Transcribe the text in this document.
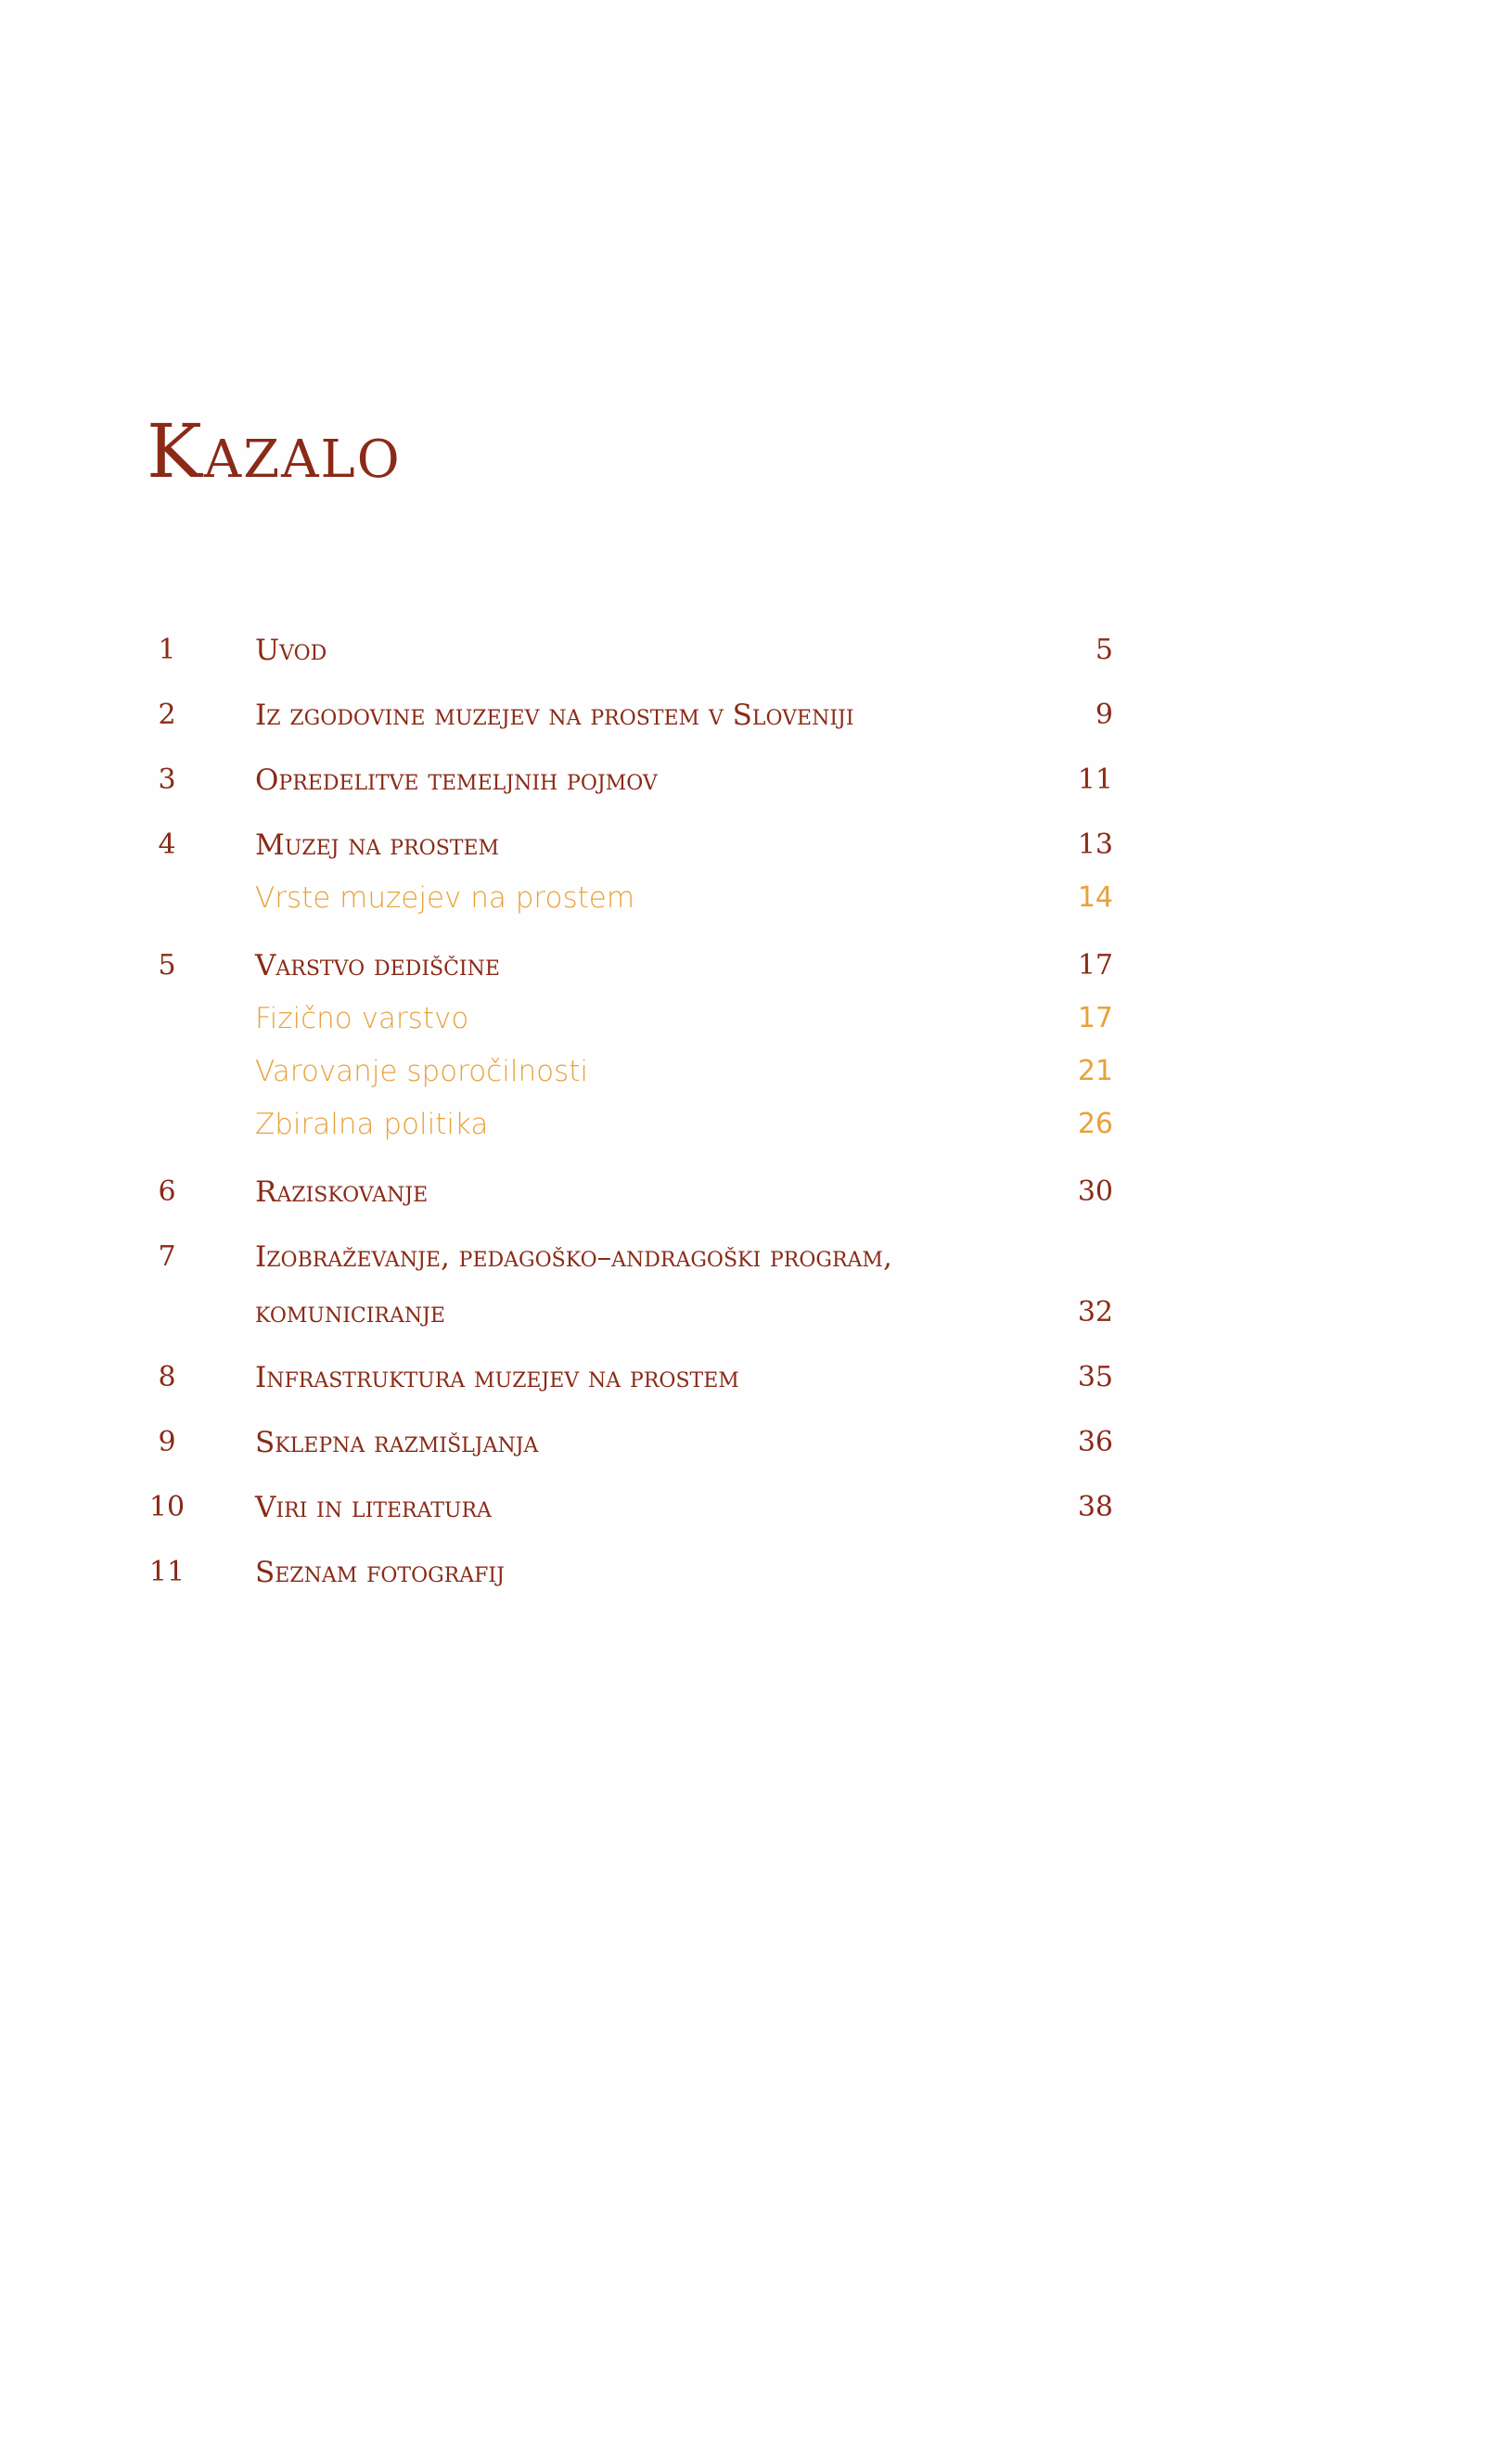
Kazalo
1	Uvod	5
2	Iz zgodovine muzejev na prostem v Sloveniji	9
3	Opredelitve temeljnih pojmov	11
4	Muzej na prostem	13
Vrste muzejev na prostem	14
5	Varstvo dediščine	17
Fizično varstvo	17
Varovanje sporočilnosti	21
Zbiralna politika	26
6	Raziskovanje	30
7	Izobraževanje, pedagoško–andragoški program,
komuniciranje	32
8	Infrastruktura muzejev na prostem	35
9	Sklepna razmišljanja	36
10	Viri in literatura	38
11	Seznam fotografij
